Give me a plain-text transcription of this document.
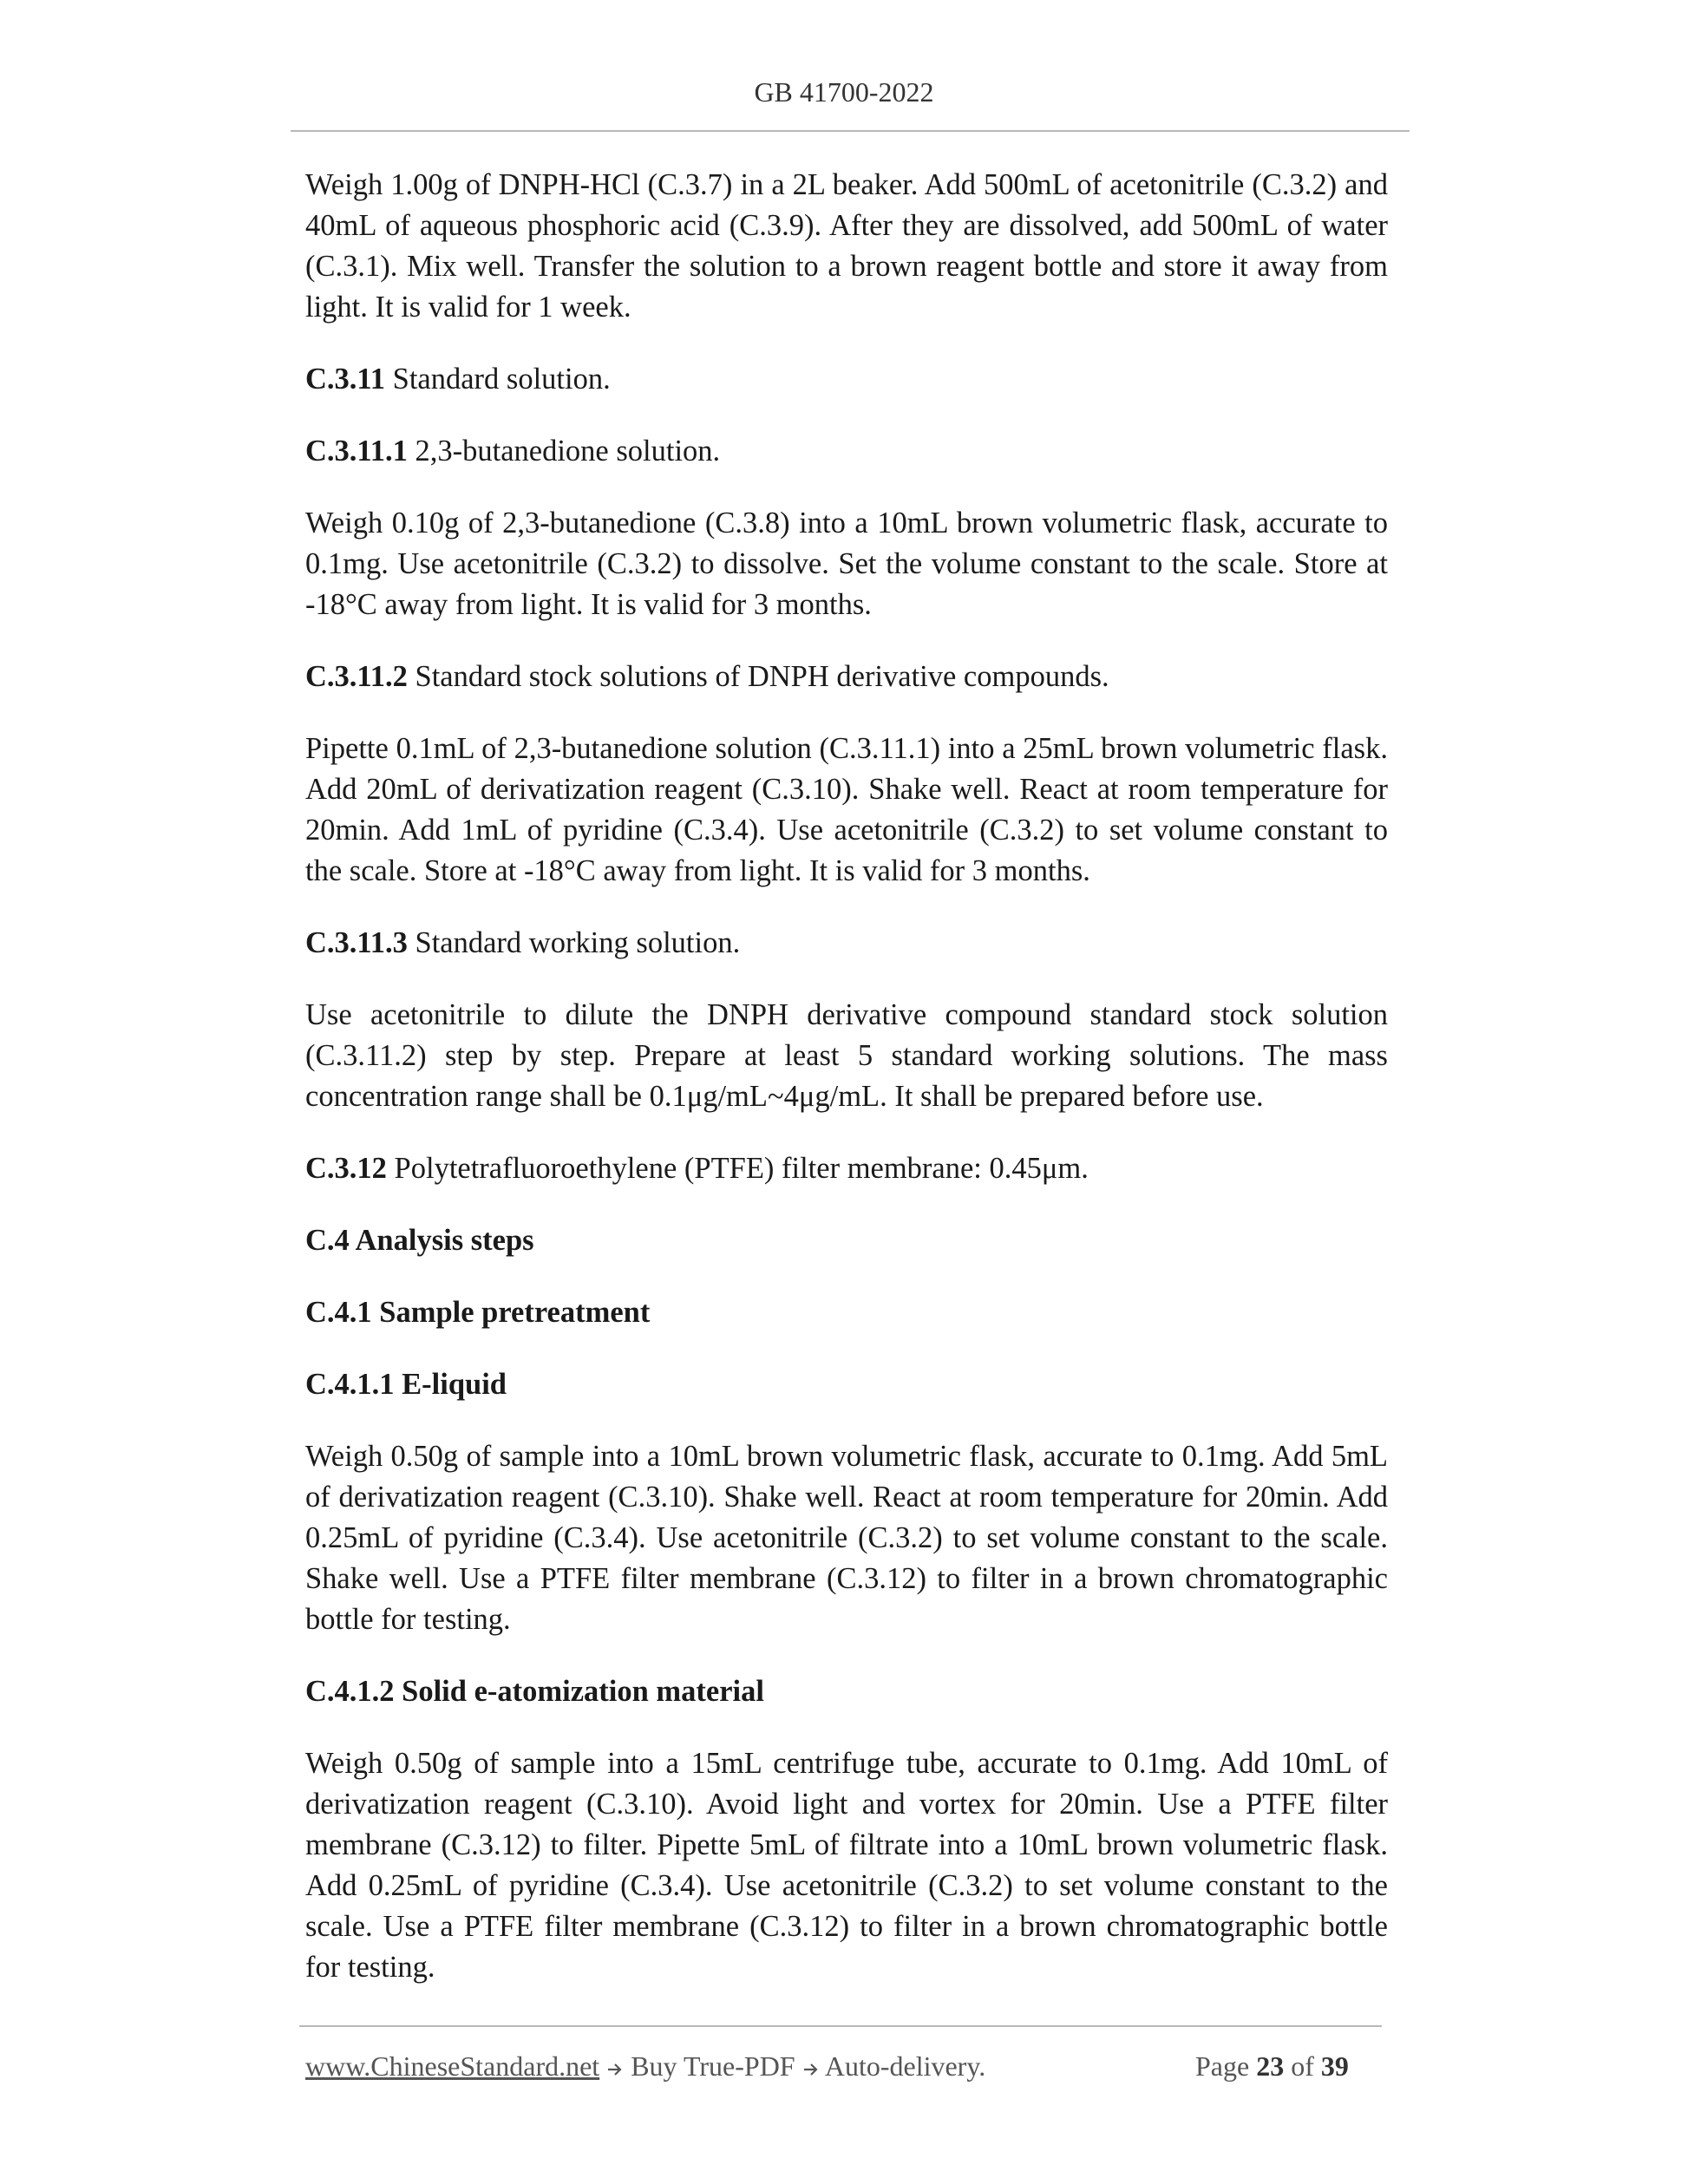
GB 41700-2022

Weigh 1.00g of DNPH-HCl (C.3.7) in a 2L beaker. Add 500mL of acetonitrile (C.3.2) and 40mL of aqueous phosphoric acid (C.3.9). After they are dissolved, add 500mL of water (C.3.1). Mix well. Transfer the solution to a brown reagent bottle and store it away from light. It is valid for 1 week.

C.3.11 Standard solution.
C.3.11.1 2,3-butanedione solution.

Weigh 0.10g of 2,3-butanedione (C.3.8) into a 10mL brown volumetric flask, accurate to 0.1mg. Use acetonitrile (C.3.2) to dissolve. Set the volume constant to the scale. Store at -18°C away from light. It is valid for 3 months.

C.3.11.2 Standard stock solutions of DNPH derivative compounds.

Pipette 0.1mL of 2,3-butanedione solution (C.3.11.1) into a 25mL brown volumetric flask. Add 20mL of derivatization reagent (C.3.10). Shake well. React at room temperature for 20min. Add 1mL of pyridine (C.3.4). Use acetonitrile (C.3.2) to set volume constant to the scale. Store at -18°C away from light. It is valid for 3 months.

C.3.11.3 Standard working solution.

Use acetonitrile to dilute the DNPH derivative compound standard stock solution (C.3.11.2) step by step. Prepare at least 5 standard working solutions. The mass concentration range shall be 0.1μg/mL~4μg/mL. It shall be prepared before use.

C.3.12 Polytetrafluoroethylene (PTFE) filter membrane: 0.45μm.
C.4 Analysis steps
C.4.1 Sample pretreatment
C.4.1.1 E-liquid

Weigh 0.50g of sample into a 10mL brown volumetric flask, accurate to 0.1mg. Add 5mL of derivatization reagent (C.3.10). Shake well. React at room temperature for 20min. Add 0.25mL of pyridine (C.3.4). Use acetonitrile (C.3.2) to set volume constant to the scale. Shake well. Use a PTFE filter membrane (C.3.12) to filter in a brown chromatographic bottle for testing.

C.4.1.2 Solid e-atomization material

Weigh 0.50g of sample into a 15mL centrifuge tube, accurate to 0.1mg. Add 10mL of derivatization reagent (C.3.10). Avoid light and vortex for 20min. Use a PTFE filter membrane (C.3.12) to filter. Pipette 5mL of filtrate into a 10mL brown volumetric flask. Add 0.25mL of pyridine (C.3.4). Use acetonitrile (C.3.2) to set volume constant to the scale. Use a PTFE filter membrane (C.3.12) to filter in a brown chromatographic bottle for testing.

www.ChineseStandard.net
Buy True-PDF
Auto-delivery.	Page 23 of 39
